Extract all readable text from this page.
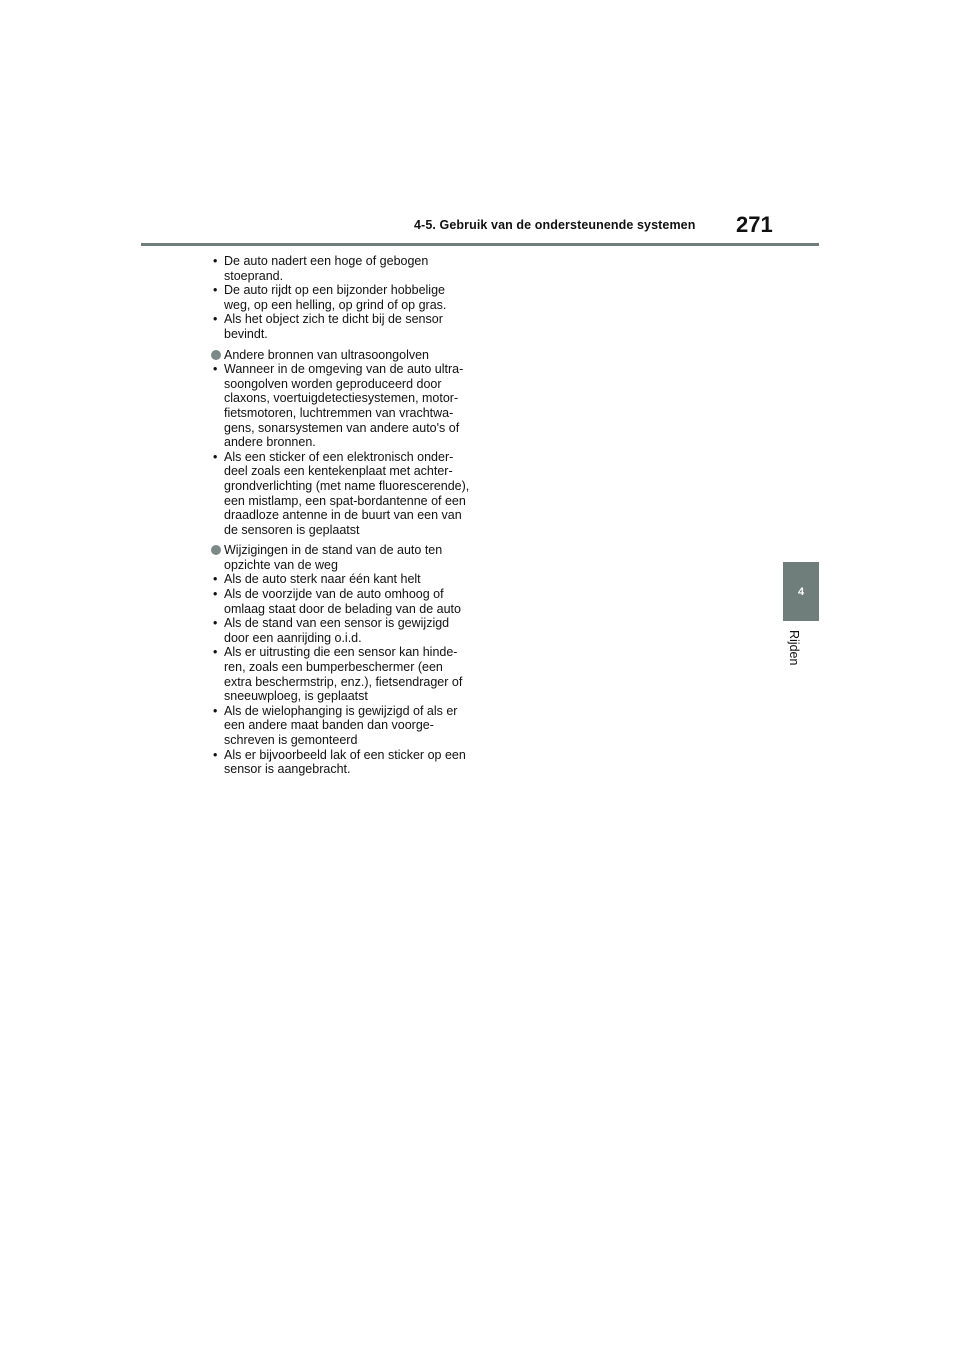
4-5. Gebruik van de ondersteunende systemen 271
4
Rijden
• De auto nadert een hoge of gebogen stoeprand.
• De auto rijdt op een bijzonder hobbelige weg, op een helling, op grind of op gras.
• Als het object zich te dicht bij de sensor bevindt.
Andere bronnen van ultrasoongolven
• Wanneer in de omgeving van de auto ultra-soongolven worden geproduceerd door claxons, voertuigdetectiesystemen, motor-fietsmotoren, luchtremmen van vrachtwa-gens, sonarsystemen van andere auto's of andere bronnen.
• Als een sticker of een elektronisch onder-deel zoals een kentekenplaat met achter-grondverlichting (met name fluorescerende), een mistlamp, een spat-bordantenne of een draadloze antenne in de buurt van een van de sensoren is geplaatst
Wijzigingen in de stand van de auto ten opzichte van de weg
• Als de auto sterk naar één kant helt
• Als de voorzijde van de auto omhoog of omlaag staat door de belading van de auto
• Als de stand van een sensor is gewijzigd door een aanrijding o.i.d.
• Als er uitrusting die een sensor kan hinde-ren, zoals een bumperbeschermer (een extra beschermstrip, enz.), fietsendrager of sneeuwploeg, is geplaatst
• Als de wielophanging is gewijzigd of als er een andere maat banden dan voorge-schreven is gemonteerd
• Als er bijvoorbeeld lak of een sticker op een sensor is aangebracht.
